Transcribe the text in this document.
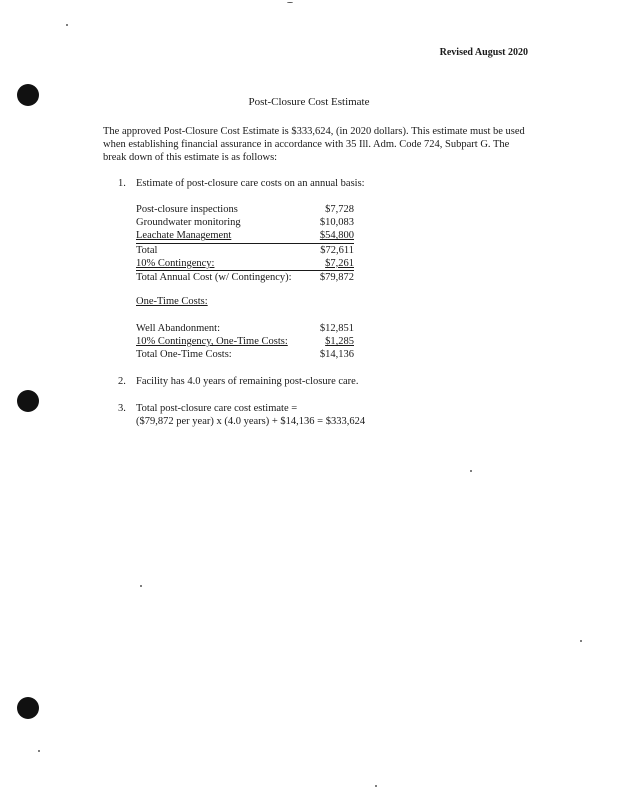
Revised August 2020
Post-Closure Cost Estimate

The approved Post-Closure Cost Estimate is $333,624, (in 2020 dollars). This estimate must be used when establishing financial assurance in accordance with 35 Ill. Adm. Code 724, Subpart G. The break down of this estimate is as follows:

1. Estimate of post-closure care costs on an annual basis:
Post-closure inspections	$7,728
Groundwater monitoring	$10,083
Leachate Management	$54,800
Total	$72,611
10% Contingency:	$7,261
Total Annual Cost (w/ Contingency):	$79,872
One-Time Costs:
Well Abandonment:	$12,851
10% Contingency, One-Time Costs:	$1,285
Total One-Time Costs:	$14,136
2. Facility has 4.0 years of remaining post-closure care.
3. Total post-closure care cost estimate =
($79,872 per year) x (4.0 years) + $14,136 = $333,624
